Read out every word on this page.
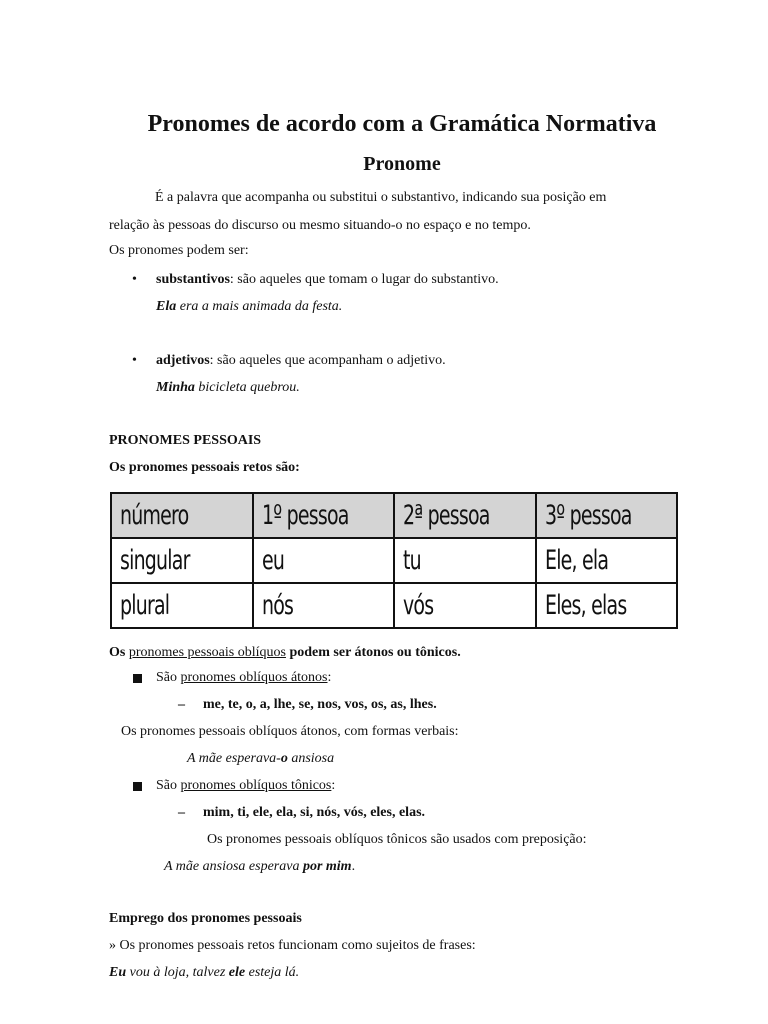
Pronomes de acordo com a Gramática Normativa
Pronome
É a palavra que acompanha ou substitui o substantivo, indicando sua posição em
relação às pessoas do discurso ou mesmo situando-o no espaço e no tempo.
Os pronomes podem ser:
• substantivos: são aqueles que tomam o lugar do substantivo.
Ela era a mais animada da festa.
• adjetivos: são aqueles que acompanham o adjetivo.
Minha bicicleta quebrou.
PRONOMES PESSOAIS
Os pronomes pessoais retos são:
número	1º pessoa	2ª pessoa	3º pessoa
singular	eu	tu	Ele, ela
plural	nós	vós	Eles, elas
Os pronomes pessoais oblíquos podem ser átonos ou tônicos.
São pronomes oblíquos átonos:
– me, te, o, a, lhe, se, nos, vos, os, as, lhes.
Os pronomes pessoais oblíquos átonos, com formas verbais:
A mãe esperava-o ansiosa
São pronomes oblíquos tônicos:
– mim, ti, ele, ela, si, nós, vós, eles, elas.
Os pronomes pessoais oblíquos tônicos são usados com preposição:
A mãe ansiosa esperava por mim.
Emprego dos pronomes pessoais
» Os pronomes pessoais retos funcionam como sujeitos de frases:
Eu vou à loja, talvez ele esteja lá.
